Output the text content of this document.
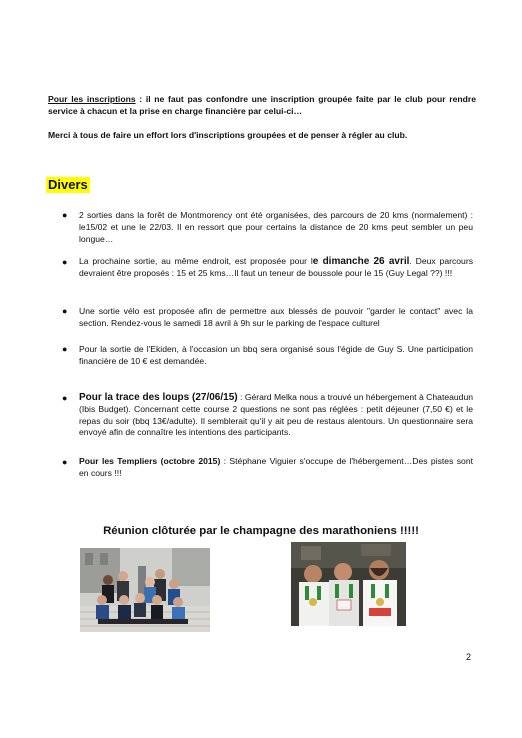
Pour les inscriptions : il ne faut pas confondre une inscription groupée faite par le club pour rendre service à chacun et la prise en charge financière par celui-ci…
Merci à tous de faire un effort lors d'inscriptions groupées et de penser à régler au club.
Divers
● 2 sorties dans la forêt de Montmorency ont été organisées, des parcours de 20 kms (normalement) : le15/02 et une le 22/03. Il en ressort que pour certains la distance de 20 kms peut sembler un peu longue…
● La prochaine sortie, au même endroit, est proposée pour le dimanche 26 avril. Deux parcours devraient être proposés : 15 et 25 kms…Il faut un teneur de boussole pour le 15 (Guy Legal ??) !!!
● Une sortie vélo est proposée afin de permettre aux blessés de pouvoir "garder le contact" avec la section. Rendez-vous le samedi 18 avril à 9h sur le parking de l'espace culturel
● Pour la sortie de l'Ekiden, à l'occasion un bbq sera organisé sous l'égide de Guy S. Une participation financière de 10 € est demandée.
● Pour la trace des loups (27/06/15) : Gérard Melka nous a trouvé un hébergement à Chateaudun (Ibis Budget). Concernant cette course 2 questions ne sont pas réglées : petit déjeuner (7,50 €) et le repas du soir (bbq 13€/adulte). Il semblerait qu'il y ait peu de restaus alentours. Un questionnaire sera envoyé afin de connaître les intentions des participants.
● Pour les Templiers (octobre 2015) : Stéphane Viguier s'occupe de l'hébergement…Des pistes sont en cours !!!
Réunion clôturée par le champagne des marathoniens !!!!!
2
